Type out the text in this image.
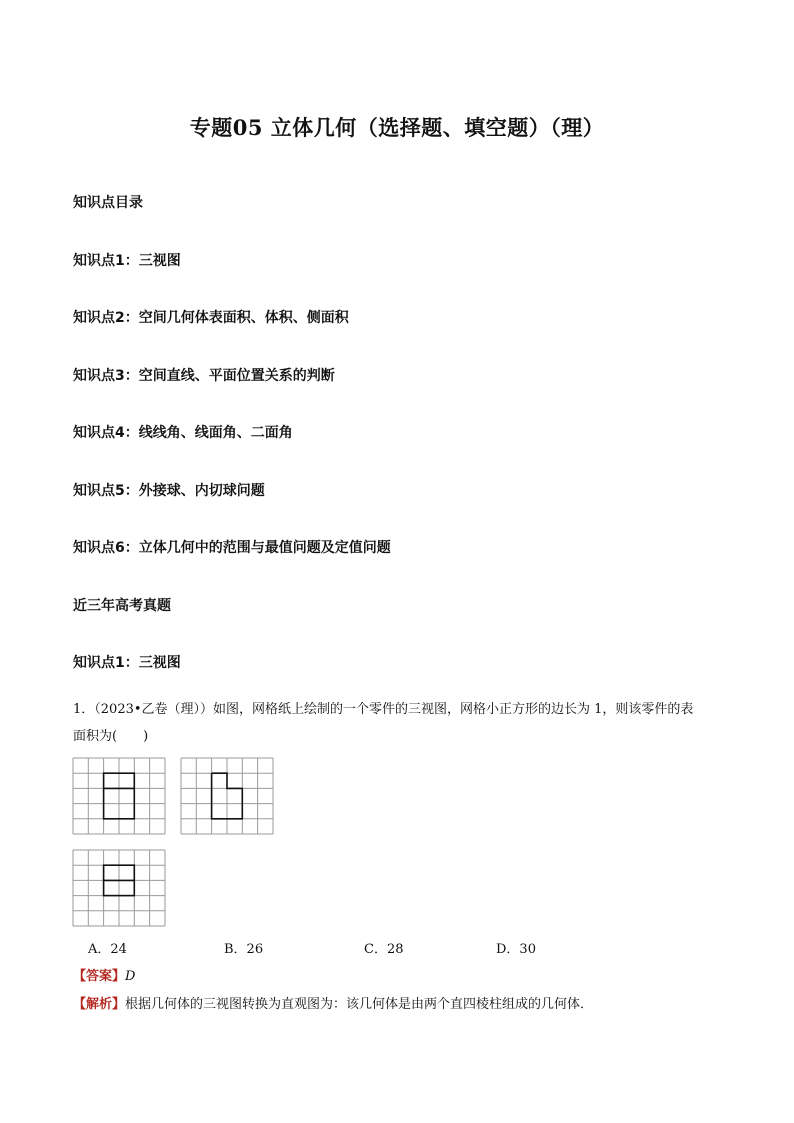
专题05 立体几何（选择题、填空题）（理）
知识点目录
知识点1：三视图
知识点2：空间几何体表面积、体积、侧面积
知识点3：空间直线、平面位置关系的判断
知识点4：线线角、线面角、二面角
知识点5：外接球、内切球问题
知识点6：立体几何中的范围与最值问题及定值问题
近三年高考真题
知识点1：三视图
1．（2023•乙卷（理））如图，网格纸上绘制的一个零件的三视图，网格小正方形的边长为 1，则该零件的表
面积为(　　)
A．24	B．26	C．28	D．30
【答案】D
【解析】根据几何体的三视图转换为直观图为：该几何体是由两个直四棱柱组成的几何体．
